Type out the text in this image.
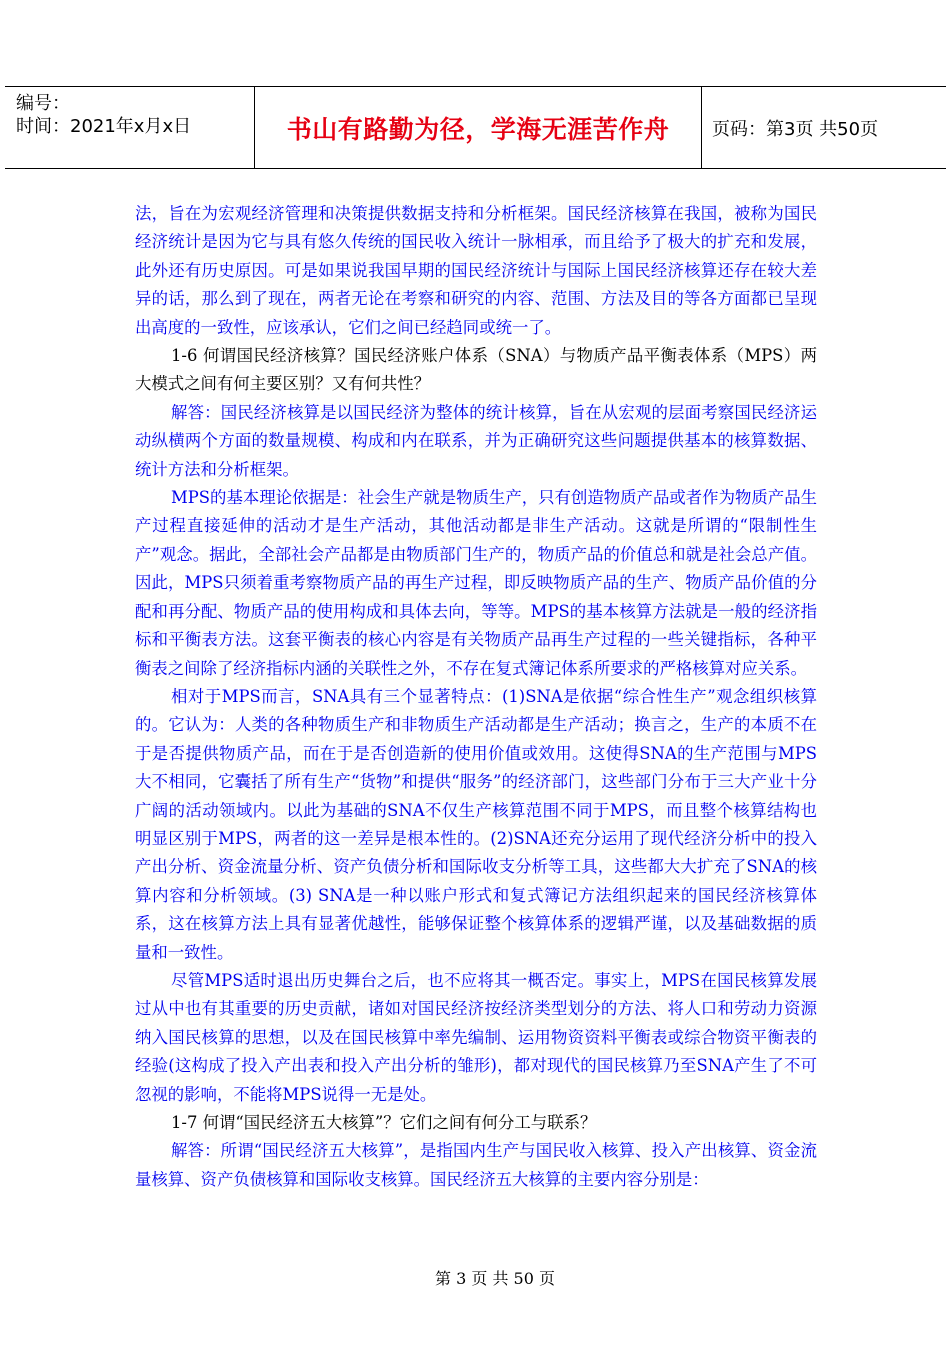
编号：
时间：2021年x月x日	书山有路勤为径，学海无涯苦作舟	页码：第3页 共50页

法，旨在为宏观经济管理和决策提供数据支持和分析框架。国民经济核算在我国，被称为国民经济统计是因为它与具有悠久传统的国民收入统计一脉相承，而且给予了极大的扩充和发展，此外还有历史原因。可是如果说我国早期的国民经济统计与国际上国民经济核算还存在较大差异的话，那么到了现在，两者无论在考察和研究的内容、范围、方法及目的等各方面都已呈现出高度的一致性，应该承认，它们之间已经趋同或统一了。

1-6 何谓国民经济核算？国民经济账户体系（SNA）与物质产品平衡表体系（MPS）两大模式之间有何主要区别？又有何共性？

解答：国民经济核算是以国民经济为整体的统计核算，旨在从宏观的层面考察国民经济运动纵横两个方面的数量规模、构成和内在联系，并为正确研究这些问题提供基本的核算数据、统计方法和分析框架。

MPS的基本理论依据是：社会生产就是物质生产，只有创造物质产品或者作为物质产品生产过程直接延伸的活动才是生产活动，其他活动都是非生产活动。这就是所谓的“限制性生产”观念。据此，全部社会产品都是由物质部门生产的，物质产品的价值总和就是社会总产值。因此，MPS只须着重考察物质产品的再生产过程，即反映物质产品的生产、物质产品价值的分配和再分配、物质产品的使用构成和具体去向，等等。MPS的基本核算方法就是一般的经济指标和平衡表方法。这套平衡表的核心内容是有关物质产品再生产过程的一些关键指标，各种平衡表之间除了经济指标内涵的关联性之外，不存在复式簿记体系所要求的严格核算对应关系。

相对于MPS而言，SNA具有三个显著特点：(1)SNA是依据“综合性生产”观念组织核算的。它认为：人类的各种物质生产和非物质生产活动都是生产活动；换言之，生产的本质不在于是否提供物质产品，而在于是否创造新的使用价值或效用。这使得SNA的生产范围与MPS大不相同，它囊括了所有生产“货物”和提供“服务”的经济部门，这些部门分布于三大产业十分广阔的活动领域内。以此为基础的SNA不仅生产核算范围不同于MPS，而且整个核算结构也明显区别于MPS，两者的这一差异是根本性的。(2)SNA还充分运用了现代经济分析中的投入产出分析、资金流量分析、资产负债分析和国际收支分析等工具，这些都大大扩充了SNA的核算内容和分析领域。(3) SNA是一种以账户形式和复式簿记方法组织起来的国民经济核算体系，这在核算方法上具有显著优越性，能够保证整个核算体系的逻辑严谨，以及基础数据的质量和一致性。

尽管MPS适时退出历史舞台之后，也不应将其一概否定。事实上，MPS在国民核算发展过从中也有其重要的历史贡献，诸如对国民经济按经济类型划分的方法、将人口和劳动力资源纳入国民核算的思想，以及在国民核算中率先编制、运用物资资料平衡表或综合物资平衡表的经验(这构成了投入产出表和投入产出分析的雏形)，都对现代的国民核算乃至SNA产生了不可忽视的影响，不能将MPS说得一无是处。

1-7 何谓“国民经济五大核算”？它们之间有何分工与联系？

解答：所谓“国民经济五大核算”，是指国内生产与国民收入核算、投入产出核算、资金流量核算、资产负债核算和国际收支核算。国民经济五大核算的主要内容分别是：

第 3 页 共 50 页
